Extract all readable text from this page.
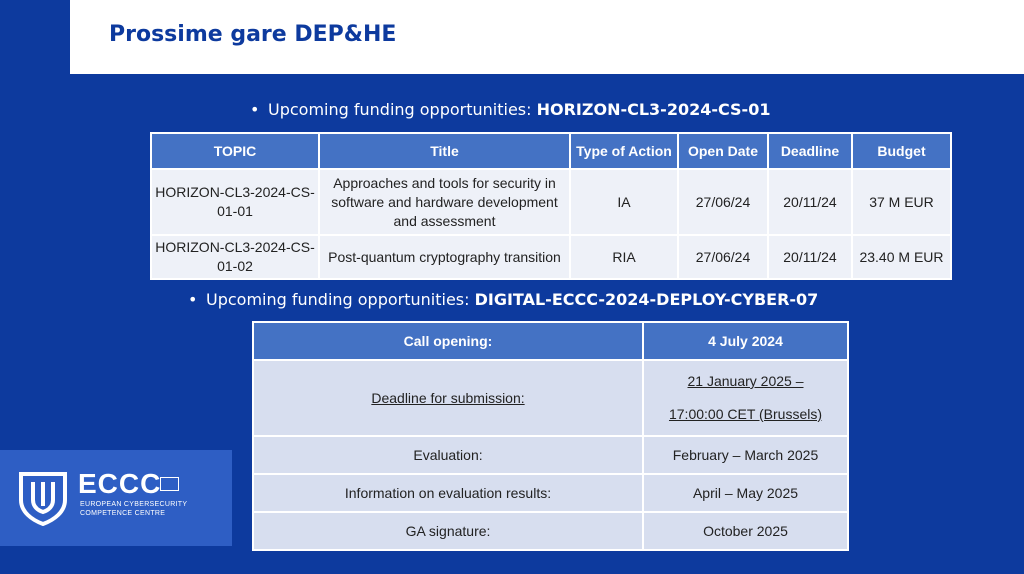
Prossime gare DEP&HE
• Upcoming funding opportunities: HORIZON-CL3-2024-CS-01
TOPIC	Title	Type of Action	Open Date	Deadline	Budget
HORIZON-CL3-2024-CS-01-01	Approaches and tools for security in software and hardware development and assessment	IA	27/06/24	20/11/24	37 M EUR
HORIZON-CL3-2024-CS-01-02	Post-quantum cryptography transition	RIA	27/06/24	20/11/24	23.40 M EUR
• Upcoming funding opportunities: DIGITAL-ECCC-2024-DEPLOY-CYBER-07
Call opening:	4 July 2024
Deadline for submission:	21 January 2025 –
17:00:00 CET (Brussels)
Evaluation:	February – March 2025
Information on evaluation results:	April – May 2025
GA signature:	October 2025
ECCC
EUROPEAN CYBERSECURITY
COMPETENCE CENTRE
